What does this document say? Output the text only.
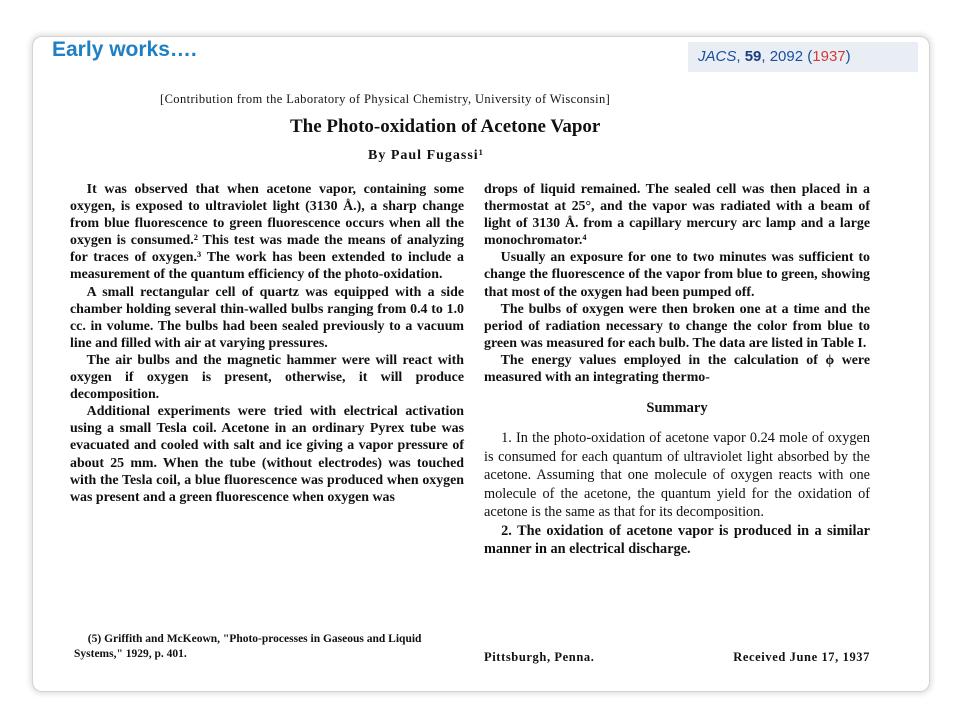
Early works….	JACS, 59, 2092 (1937)
[Contribution from the Laboratory of Physical Chemistry, University of Wisconsin]
The Photo-oxidation of Acetone Vapor
By Paul Fugassi¹

It was observed that when acetone vapor, containing some oxygen, is exposed to ultraviolet light (3130 Å.), a sharp change from blue fluorescence to green fluorescence occurs when all the oxygen is consumed.² This test was made the means of analyzing for traces of oxygen.³ The work has been extended to include a measurement of the quantum efficiency of the photo-oxidation.

A small rectangular cell of quartz was equipped with a side chamber holding several thin-walled bulbs ranging from 0.4 to 1.0 cc. in volume. The bulbs had been sealed previously to a vacuum line and filled with air at varying pressures.

The air bulbs and the magnetic hammer were will react with oxygen if oxygen is present, otherwise, it will produce decomposition.

Additional experiments were tried with electrical activation using a small Tesla coil. Acetone in an ordinary Pyrex tube was evacuated and cooled with salt and ice giving a vapor pressure of about 25 mm. When the tube (without electrodes) was touched with the Tesla coil, a blue fluorescence was produced when oxygen was present and a green fluorescence when oxygen was

(5) Griffith and McKeown, "Photo-processes in Gaseous and Liquid Systems," 1929, p. 401.

drops of liquid remained. The sealed cell was then placed in a thermostat at 25°, and the vapor was radiated with a beam of light of 3130 Å. from a capillary mercury arc lamp and a large monochromator.⁴

Usually an exposure for one to two minutes was sufficient to change the fluorescence of the vapor from blue to green, showing that most of the oxygen had been pumped off.

The bulbs of oxygen were then broken one at a time and the period of radiation necessary to change the color from blue to green was measured for each bulb. The data are listed in Table I.

The energy values employed in the calculation of ϕ were measured with an integrating thermo-

Summary

1. In the photo-oxidation of acetone vapor 0.24 mole of oxygen is consumed for each quantum of ultraviolet light absorbed by the acetone. Assuming that one molecule of oxygen reacts with one molecule of the acetone, the quantum yield for the oxidation of acetone is the same as that for its decomposition.

2. The oxidation of acetone vapor is produced in a similar manner in an electrical discharge.

Pittsburgh, Penna.	Received June 17, 1937
